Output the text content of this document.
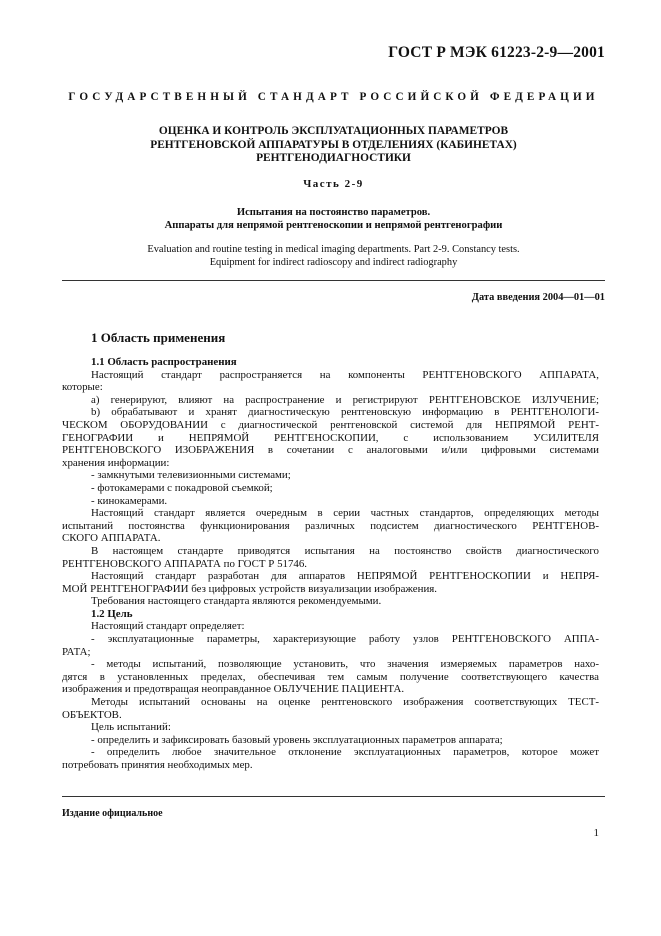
ГОСТ Р МЭК 61223-2-9—2001
ГОСУДАРСТВЕННЫЙ СТАНДАРТ РОССИЙСКОЙ ФЕДЕРАЦИИ
ОЦЕНКА И КОНТРОЛЬ ЭКСПЛУАТАЦИОННЫХ ПАРАМЕТРОВ
РЕНТГЕНОВСКОЙ АППАРАТУРЫ В ОТДЕЛЕНИЯХ (КАБИНЕТАХ)
РЕНТГЕНОДИАГНОСТИКИ
Часть 2-9
Испытания на постоянство параметров.
Аппараты для непрямой рентгеноскопии и непрямой рентгенографии
Evaluation and routine testing in medical imaging departments. Part 2-9. Constancy tests.
Equipment for indirect radioscopy and indirect radiography
Дата введения 2004—01—01
1 Область применения
1.1 Область распространения
Настоящий стандарт распространяется на компоненты РЕНТГЕНОВСКОГО АППАРАТА,
которые:
а) генерируют, влияют на распространение и регистрируют РЕНТГЕНОВСКОЕ ИЗЛУЧЕНИЕ;
b) обрабатывают и хранят диагностическую рентгеновскую информацию в РЕНТГЕНОЛОГИ-
ЧЕСКОМ ОБОРУДОВАНИИ с диагностической рентгеновской системой для НЕПРЯМОЙ РЕНТ-
ГЕНОГРАФИИ и НЕПРЯМОЙ РЕНТГЕНОСКОПИИ, с использованием УСИЛИТЕЛЯ
РЕНТГЕНОВСКОГО ИЗОБРАЖЕНИЯ в сочетании с аналоговыми и/или цифровыми системами
хранения информации:
- замкнутыми телевизионными системами;
- фотокамерами с покадровой съемкой;
- кинокамерами.
Настоящий стандарт является очередным в серии частных стандартов, определяющих методы
испытаний постоянства функционирования различных подсистем диагностического РЕНТГЕНОВ-
СКОГО АППАРАТА.
В настоящем стандарте приводятся испытания на постоянство свойств диагностического
РЕНТГЕНОВСКОГО АППАРАТА по ГОСТ Р 51746.
Настоящий стандарт разработан для аппаратов НЕПРЯМОЙ РЕНТГЕНОСКОПИИ и НЕПРЯ-
МОЙ РЕНТГЕНОГРАФИИ без цифровых устройств визуализации изображения.
Требования настоящего стандарта являются рекомендуемыми.
1.2 Цель
Настоящий стандарт определяет:
- эксплуатационные параметры, характеризующие работу узлов РЕНТГЕНОВСКОГО АППА-
РАТА;
- методы испытаний, позволяющие установить, что значения измеряемых параметров нахо-
дятся в установленных пределах, обеспечивая тем самым получение соответствующего качества
изображения и предотвращая неоправданное ОБЛУЧЕНИЕ ПАЦИЕНТА.
Методы испытаний основаны на оценке рентгеновского изображения соответствующих ТЕСТ-
ОБЪЕКТОВ.
Цель испытаний:
- определить и зафиксировать базовый уровень эксплуатационных параметров аппарата;
- определить любое значительное отклонение эксплуатационных параметров, которое может
потребовать принятия необходимых мер.
Издание официальное
1
